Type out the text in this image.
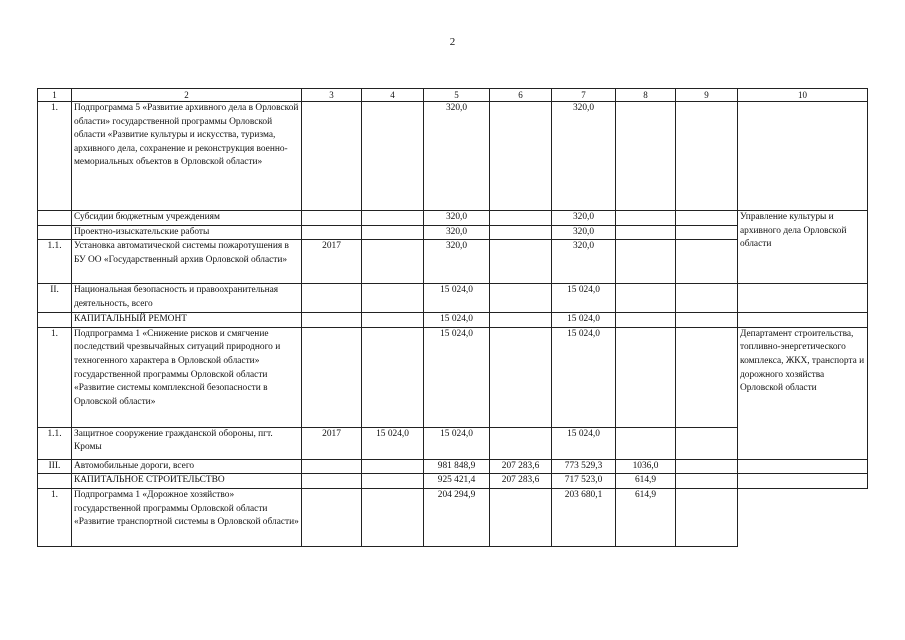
2
1	2	3	4	5	6	7	8	9	10
1.	Подпрограмма 5 «Развитие архивного дела в Орловской области» государственной программы Орловской области «Развитие культуры и искусства, туризма, архивного дела, сохранение и реконструкция военно-мемориальных объектов в Орловской области»			320,0		320,0			
	Субсидии бюджетным учреждениям			320,0		320,0			Управление культуры и архивного дела Орловской области
	Проектно-изыскательские работы			320,0		320,0			
1.1.	Установка автоматической системы пожаротушения в БУ ОО «Государственный архив Орловской области»	2017		320,0		320,0			
II.	Национальная безопасность и правоохранительная деятельность, всего			15 024,0		15 024,0			
	КАПИТАЛЬНЫЙ РЕМОНТ			15 024,0		15 024,0			
1.	Подпрограмма 1 «Снижение рисков и смягчение последствий чрезвычайных ситуаций природного и техногенного характера в Орловской области» государственной программы Орловской области «Развитие системы комплексной безопасности в Орловской области»			15 024,0		15 024,0			Департамент строительства, топливно-энергетического комплекса, ЖКХ, транспорта и дорожного хозяйства Орловской области
1.1.	Защитное сооружение гражданской обороны, пгт. Кромы	2017	15 024,0	15 024,0		15 024,0			
III.	Автомобильные дороги, всего			981 848,9	207 283,6	773 529,3	1036,0		
	КАПИТАЛЬНОЕ СТРОИТЕЛЬСТВО			925 421,4	207 283,6	717 523,0	614,9		
1.	Подпрограмма 1 «Дорожное хозяйство» государственной программы Орловской области «Развитие транспортной системы в Орловской области»			204 294,9		203 680,1	614,9		
